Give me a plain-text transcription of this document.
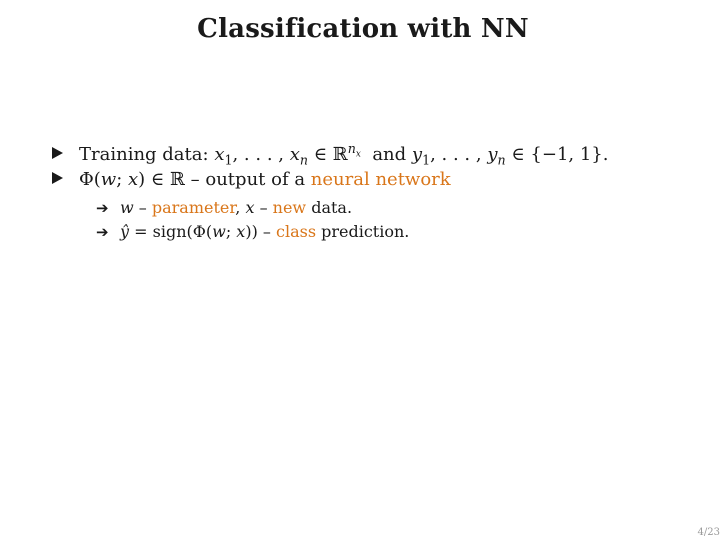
Classification with NN
Training data: $x_1$, . . . , $x_n$ ∈ ℝ$^{n_x}$ and $y_1$, . . . , $y_n$ ∈ {−1, 1}.
Φ(w; x) ∈ ℝ – output of a neural network
➔ w – parameter, x – new data.
➔ ŷ = sign(Φ(w; x)) – class prediction.
4/23
